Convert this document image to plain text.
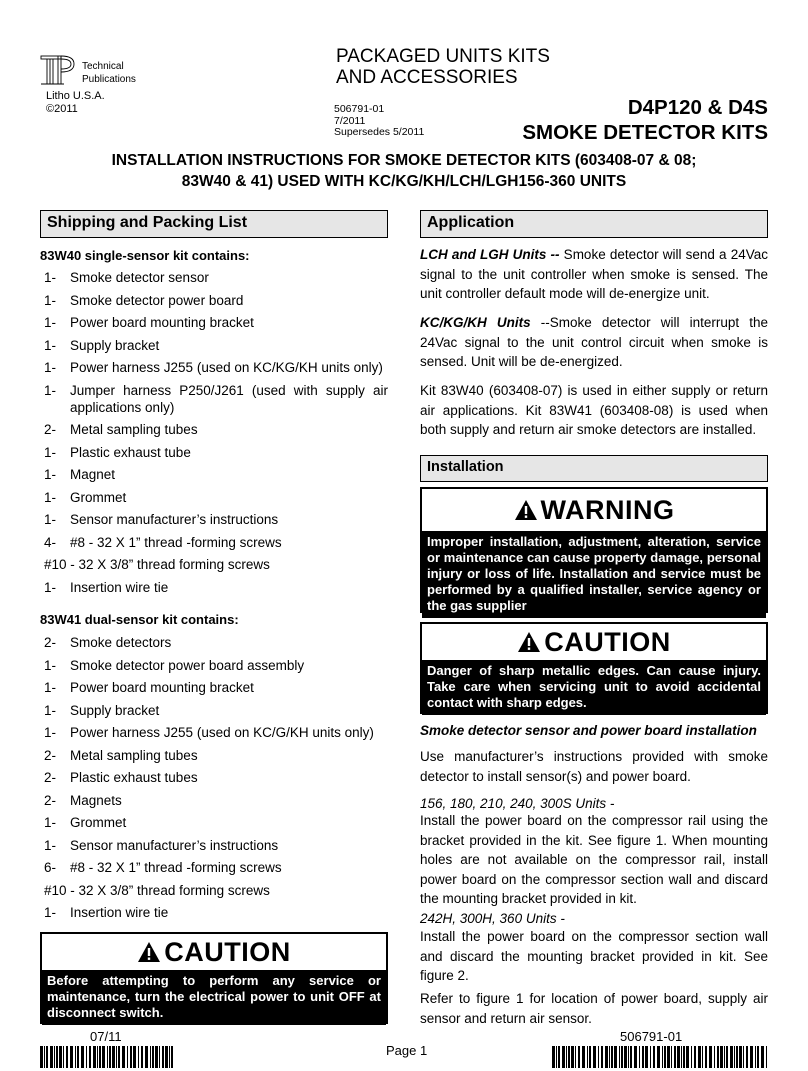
Technical
Publications
Litho U.S.A.
©2011
PACKAGED UNITS KITS
AND ACCESSORIES
506791-01
7/2011
Supersedes 5/2011
D4P120 & D4S
SMOKE DETECTOR KITS
INSTALLATION INSTRUCTIONS FOR SMOKE DETECTOR KITS (603408-07 & 08;
83W40 & 41) USED WITH KC/KG/KH/LCH/LGH156-360 UNITS
Shipping and Packing List
83W40 single-sensor kit contains:
1-	Smoke detector sensor
1-	Smoke detector power board
1-	Power board mounting bracket
1-	Supply bracket
1-	Power harness J255 (used on KC/KG/KH units only)
1-	Jumper harness P250/J261 (used with supply air applications only)
2-	Metal sampling tubes
1-	Plastic exhaust tube
1-	Magnet
1-	Grommet
1-	Sensor manufacturer’s instructions
4-	#8 - 32 X 1” thread -forming screws
#10 - 32 X 3/8” thread forming screws
1-	Insertion wire tie
83W41 dual-sensor kit contains:
2-	Smoke detectors
1-	Smoke detector power board assembly
1-	Power board mounting bracket
1-	Supply bracket
1-	Power harness J255 (used on KC/G/KH units only)
2-	Metal sampling tubes
2-	Plastic exhaust tubes
2-	Magnets
1-	Grommet
1-	Sensor manufacturer’s instructions
6-	#8 - 32 X 1” thread -forming screws
#10 - 32 X 3/8” thread forming screws
1-	Insertion wire tie
CAUTION
Before attempting to perform any service or maintenance, turn the electrical power to unit OFF at disconnect switch.
Application
LCH and LGH Units -- Smoke detector will send a 24Vac signal to the unit controller when smoke is sensed. The unit controller default mode will de-energize unit.
KC/KG/KH Units --Smoke detector will interrupt the 24Vac signal to the unit control circuit when smoke is sensed. Unit will be de-energized.
Kit 83W40 (603408-07) is used in either supply or return air applications. Kit 83W41 (603408-08) is used when both supply and return air smoke detectors are installed.
Installation
WARNING
Improper installation, adjustment, alteration, service or maintenance can cause property damage, personal injury or loss of life. Installation and service must be performed by a qualified installer, service agency or the gas supplier
CAUTION
Danger of sharp metallic edges. Can cause injury. Take care when servicing unit to avoid accidental contact with sharp edges.
Smoke detector sensor and power board installation
Use manufacturer’s instructions provided with smoke detector to install sensor(s) and power board.
156, 180, 210, 240, 300S Units -
Install the power board on the compressor rail using the bracket provided in the kit. See figure 1. When mounting holes are not available on the compressor rail, install power board on the compressor section wall and discard the mounting bracket provided in kit.
242H, 300H, 360 Units -
Install the power board on the compressor section wall and discard the mounting bracket provided in kit. See figure 2.
Refer to figure 1 for location of power board, supply air sensor and return air sensor.
07/11
Page 1
506791-01
